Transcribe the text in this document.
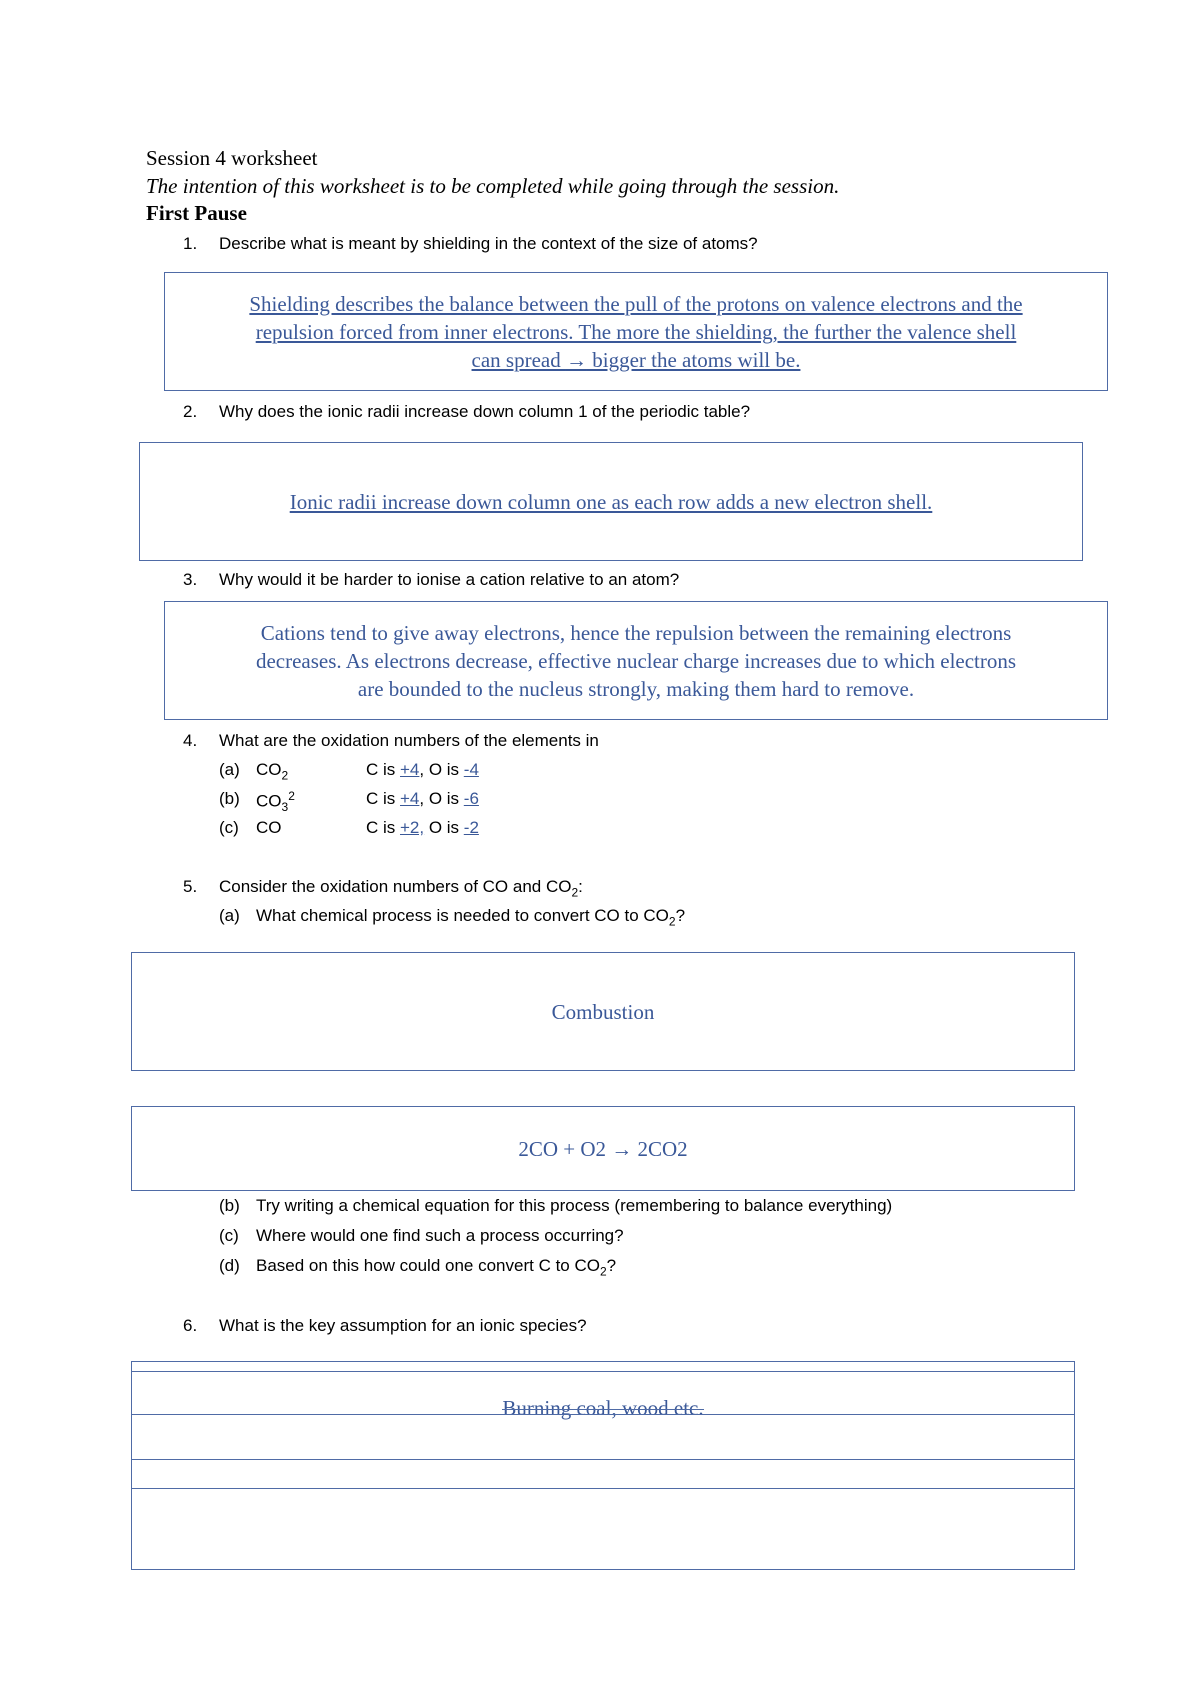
Session 4 worksheet
The intention of this worksheet is to be completed while going through the session.
First Pause
1. Describe what is meant by shielding in the context of the size of atoms?
Shielding describes the balance between the pull of the protons on valence electrons and the
repulsion forced from inner electrons. The more the shielding, the further the valence shell
can spread → bigger the atoms will be.
2. Why does the ionic radii increase down column 1 of the periodic table?
Ionic radii increase down column one as each row adds a new electron shell.
3. Why would it be harder to ionise a cation relative to an atom?
Cations tend to give away electrons, hence the repulsion between the remaining electrons
decreases. As electrons decrease, effective nuclear charge increases due to which electrons
are bounded to the nucleus strongly, making them hard to remove.
4. What are the oxidation numbers of the elements in
(a) $CO_2$	C is +4, O is -4
(b) $CO_3^2$	C is +4, O is -6
(c)	CO	C is +2, O is -2
5. Consider the oxidation numbers of CO and $CO_2$:
(a) What chemical process is needed to convert CO to $CO_2$?
Combustion
2CO + O2 → 2CO2
(b) Try writing a chemical equation for this process (remembering to balance everything)
(c)	Where would one find such a process occurring?
(d) Based on this how could one convert C to $CO_2$?
6. What is the key assumption for an ionic species?
Burning coal, wood etc.
